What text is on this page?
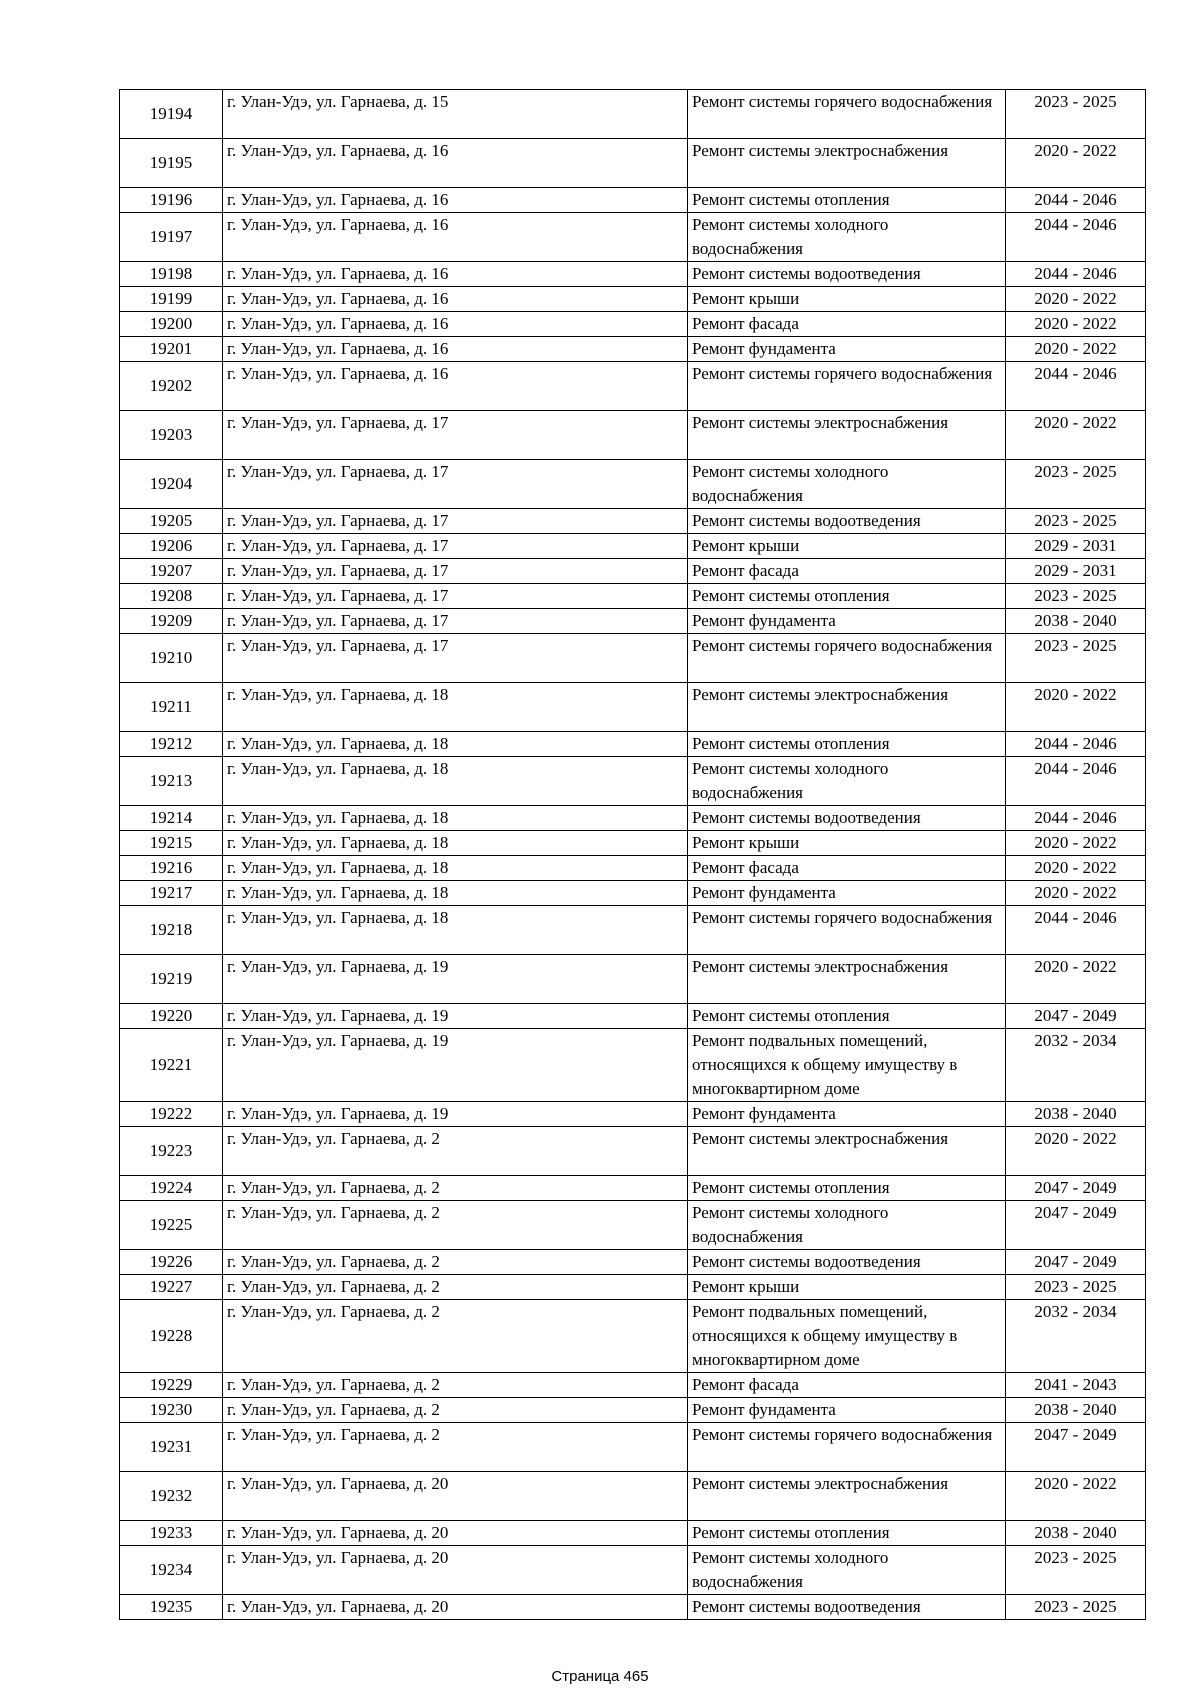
19194	г. Улан-Удэ, ул. Гарнаева, д. 15	Ремонт системы горячего водоснабжения	2023 - 2025
19195	г. Улан-Удэ, ул. Гарнаева, д. 16	Ремонт системы электроснабжения	2020 - 2022
19196	г. Улан-Удэ, ул. Гарнаева, д. 16	Ремонт системы отопления	2044 - 2046
19197	г. Улан-Удэ, ул. Гарнаева, д. 16	Ремонт системы холодного водоснабжения	2044 - 2046
19198	г. Улан-Удэ, ул. Гарнаева, д. 16	Ремонт системы водоотведения	2044 - 2046
19199	г. Улан-Удэ, ул. Гарнаева, д. 16	Ремонт крыши	2020 - 2022
19200	г. Улан-Удэ, ул. Гарнаева, д. 16	Ремонт фасада	2020 - 2022
19201	г. Улан-Удэ, ул. Гарнаева, д. 16	Ремонт фундамента	2020 - 2022
19202	г. Улан-Удэ, ул. Гарнаева, д. 16	Ремонт системы горячего водоснабжения	2044 - 2046
19203	г. Улан-Удэ, ул. Гарнаева, д. 17	Ремонт системы электроснабжения	2020 - 2022
19204	г. Улан-Удэ, ул. Гарнаева, д. 17	Ремонт системы холодного водоснабжения	2023 - 2025
19205	г. Улан-Удэ, ул. Гарнаева, д. 17	Ремонт системы водоотведения	2023 - 2025
19206	г. Улан-Удэ, ул. Гарнаева, д. 17	Ремонт крыши	2029 - 2031
19207	г. Улан-Удэ, ул. Гарнаева, д. 17	Ремонт фасада	2029 - 2031
19208	г. Улан-Удэ, ул. Гарнаева, д. 17	Ремонт системы отопления	2023 - 2025
19209	г. Улан-Удэ, ул. Гарнаева, д. 17	Ремонт фундамента	2038 - 2040
19210	г. Улан-Удэ, ул. Гарнаева, д. 17	Ремонт системы горячего водоснабжения	2023 - 2025
19211	г. Улан-Удэ, ул. Гарнаева, д. 18	Ремонт системы электроснабжения	2020 - 2022
19212	г. Улан-Удэ, ул. Гарнаева, д. 18	Ремонт системы отопления	2044 - 2046
19213	г. Улан-Удэ, ул. Гарнаева, д. 18	Ремонт системы холодного водоснабжения	2044 - 2046
19214	г. Улан-Удэ, ул. Гарнаева, д. 18	Ремонт системы водоотведения	2044 - 2046
19215	г. Улан-Удэ, ул. Гарнаева, д. 18	Ремонт крыши	2020 - 2022
19216	г. Улан-Удэ, ул. Гарнаева, д. 18	Ремонт фасада	2020 - 2022
19217	г. Улан-Удэ, ул. Гарнаева, д. 18	Ремонт фундамента	2020 - 2022
19218	г. Улан-Удэ, ул. Гарнаева, д. 18	Ремонт системы горячего водоснабжения	2044 - 2046
19219	г. Улан-Удэ, ул. Гарнаева, д. 19	Ремонт системы электроснабжения	2020 - 2022
19220	г. Улан-Удэ, ул. Гарнаева, д. 19	Ремонт системы отопления	2047 - 2049
19221	г. Улан-Удэ, ул. Гарнаева, д. 19	Ремонт подвальных помещений, относящихся к общему имуществу в многоквартирном доме	2032 - 2034
19222	г. Улан-Удэ, ул. Гарнаева, д. 19	Ремонт фундамента	2038 - 2040
19223	г. Улан-Удэ, ул. Гарнаева, д. 2	Ремонт системы электроснабжения	2020 - 2022
19224	г. Улан-Удэ, ул. Гарнаева, д. 2	Ремонт системы отопления	2047 - 2049
19225	г. Улан-Удэ, ул. Гарнаева, д. 2	Ремонт системы холодного водоснабжения	2047 - 2049
19226	г. Улан-Удэ, ул. Гарнаева, д. 2	Ремонт системы водоотведения	2047 - 2049
19227	г. Улан-Удэ, ул. Гарнаева, д. 2	Ремонт крыши	2023 - 2025
19228	г. Улан-Удэ, ул. Гарнаева, д. 2	Ремонт подвальных помещений, относящихся к общему имуществу в многоквартирном доме	2032 - 2034
19229	г. Улан-Удэ, ул. Гарнаева, д. 2	Ремонт фасада	2041 - 2043
19230	г. Улан-Удэ, ул. Гарнаева, д. 2	Ремонт фундамента	2038 - 2040
19231	г. Улан-Удэ, ул. Гарнаева, д. 2	Ремонт системы горячего водоснабжения	2047 - 2049
19232	г. Улан-Удэ, ул. Гарнаева, д. 20	Ремонт системы электроснабжения	2020 - 2022
19233	г. Улан-Удэ, ул. Гарнаева, д. 20	Ремонт системы отопления	2038 - 2040
19234	г. Улан-Удэ, ул. Гарнаева, д. 20	Ремонт системы холодного водоснабжения	2023 - 2025
19235	г. Улан-Удэ, ул. Гарнаева, д. 20	Ремонт системы водоотведения	2023 - 2025
Страница 465
